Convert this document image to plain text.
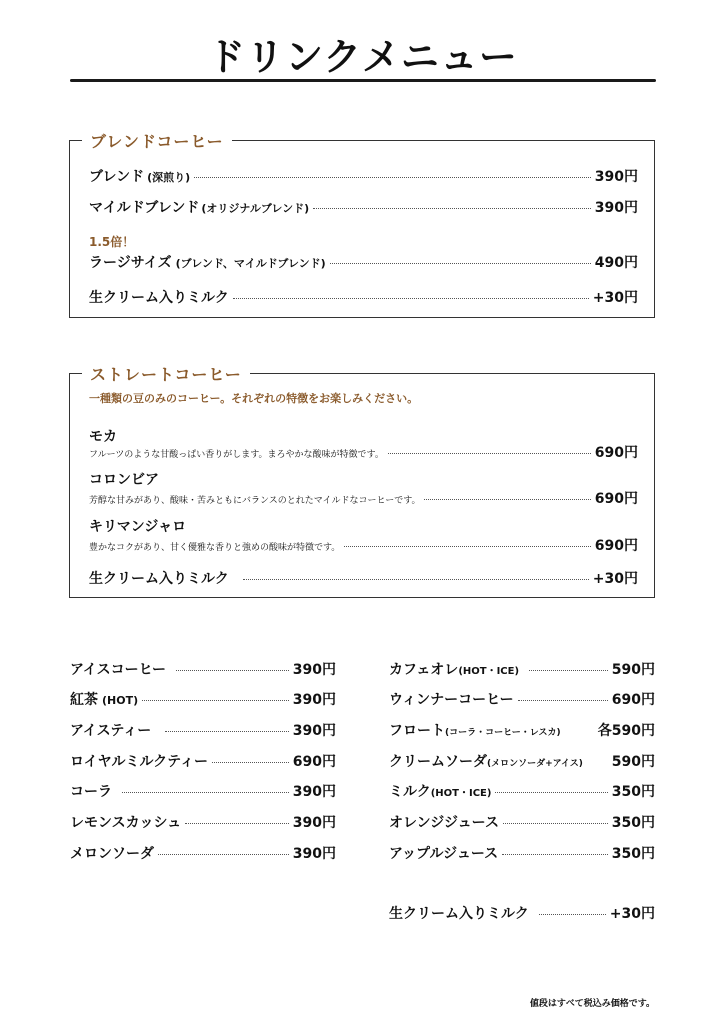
ドリンクメニュー
ブレンドコーヒー
ブレンド (深煎り)	390円
マイルドブレンド (オリジナルブレンド)	390円
1.5倍！
ラージサイズ (ブレンド、マイルドブレンド)	490円
生クリーム入りミルク	+30円
ストレートコーヒー
一種類の豆のみのコーヒー。それぞれの特徴をお楽しみください。
モカ
フルーツのような甘酸っぱい香りがします。まろやかな酸味が特徴です。	690円
コロンビア
芳醇な甘みがあり、酸味・苦みともにバランスのとれたマイルドなコーヒーです。	690円
キリマンジャロ
豊かなコクがあり、甘く優雅な香りと強めの酸味が特徴です。	690円
生クリーム入りミルク	+30円
アイスコーヒー	390円
紅茶 (HOT)	390円
アイスティー	390円
ロイヤルミルクティー	690円
コーラ	390円
レモンスカッシュ	390円
メロンソーダ	390円
カフェオレ (HOT・ICE)	590円
ウィンナーコーヒー	690円
フロート (コーラ・コーヒー・レスカ)	各590円
クリームソーダ (メロンソーダ+アイス) 590円
ミルク (HOT・ICE)	350円
オレンジジュース	350円
アップルジュース	350円
生クリーム入りミルク	+30円
値段はすべて税込み価格です。
